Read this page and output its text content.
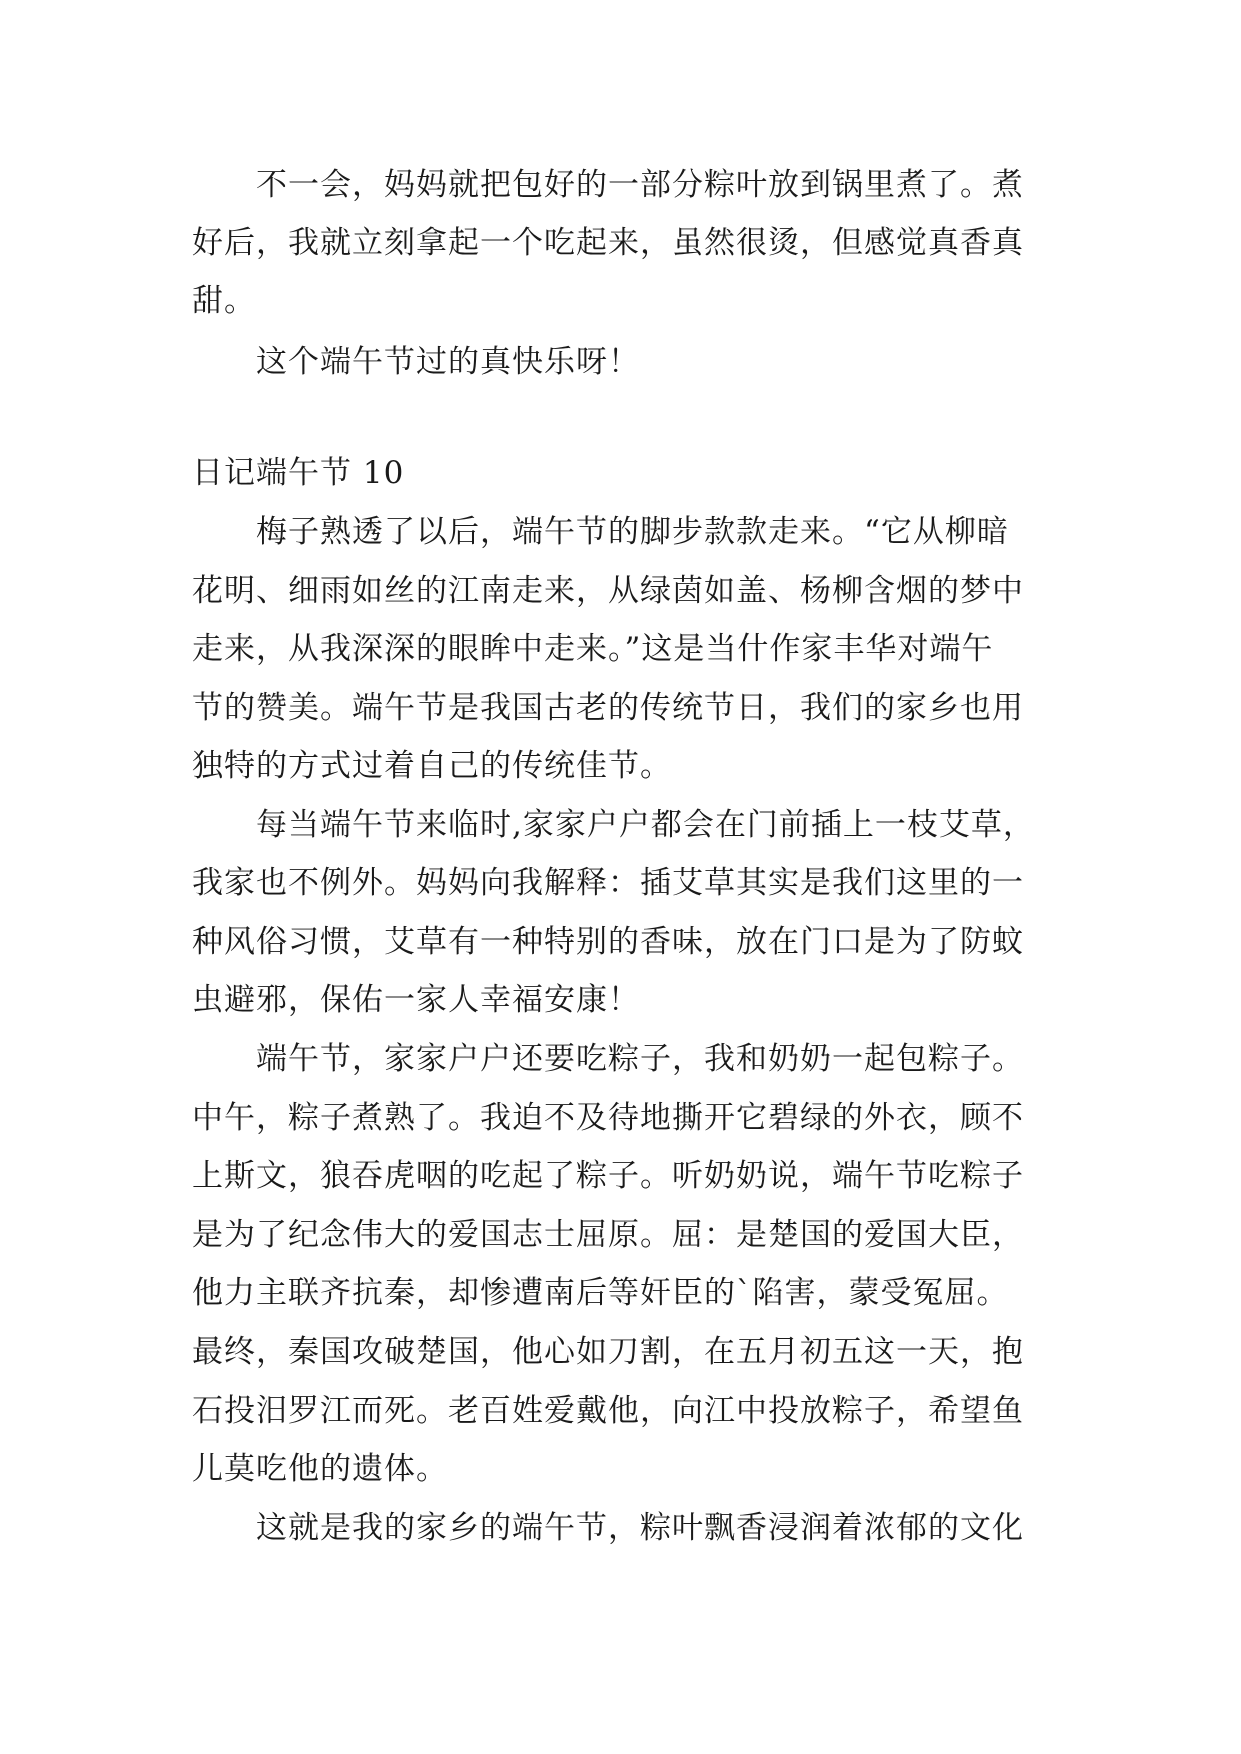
不一会，妈妈就把包好的一部分粽叶放到锅里煮了。煮
好后，我就立刻拿起一个吃起来，虽然很烫，但感觉真香真
甜。
这个端午节过的真快乐呀！
日记端午节 10
梅子熟透了以后，端午节的脚步款款走来。“它从柳暗
花明、细雨如丝的江南走来，从绿茵如盖、杨柳含烟的梦中
走来，从我深深的眼眸中走来。”这是当什作家丰华对端午
节的赞美。端午节是我国古老的传统节日，我们的家乡也用
独特的方式过着自己的传统佳节。
每当端午节来临时,家家户户都会在门前插上一枝艾草，
我家也不例外。妈妈向我解释：插艾草其实是我们这里的一
种风俗习惯，艾草有一种特别的香味，放在门口是为了防蚊
虫避邪，保佑一家人幸福安康！
端午节，家家户户还要吃粽子，我和奶奶一起包粽子。
中午，粽子煮熟了。我迫不及待地撕开它碧绿的外衣，顾不
上斯文，狼吞虎咽的吃起了粽子。听奶奶说，端午节吃粽子
是为了纪念伟大的爱国志士屈原。屈：是楚国的爱国大臣，
他力主联齐抗秦，却惨遭南后等奸臣的`陷害，蒙受冤屈。
最终，秦国攻破楚国，他心如刀割，在五月初五这一天，抱
石投汨罗江而死。老百姓爱戴他，向江中投放粽子，希望鱼
儿莫吃他的遗体。
这就是我的家乡的端午节，粽叶飘香浸润着浓郁的文化
